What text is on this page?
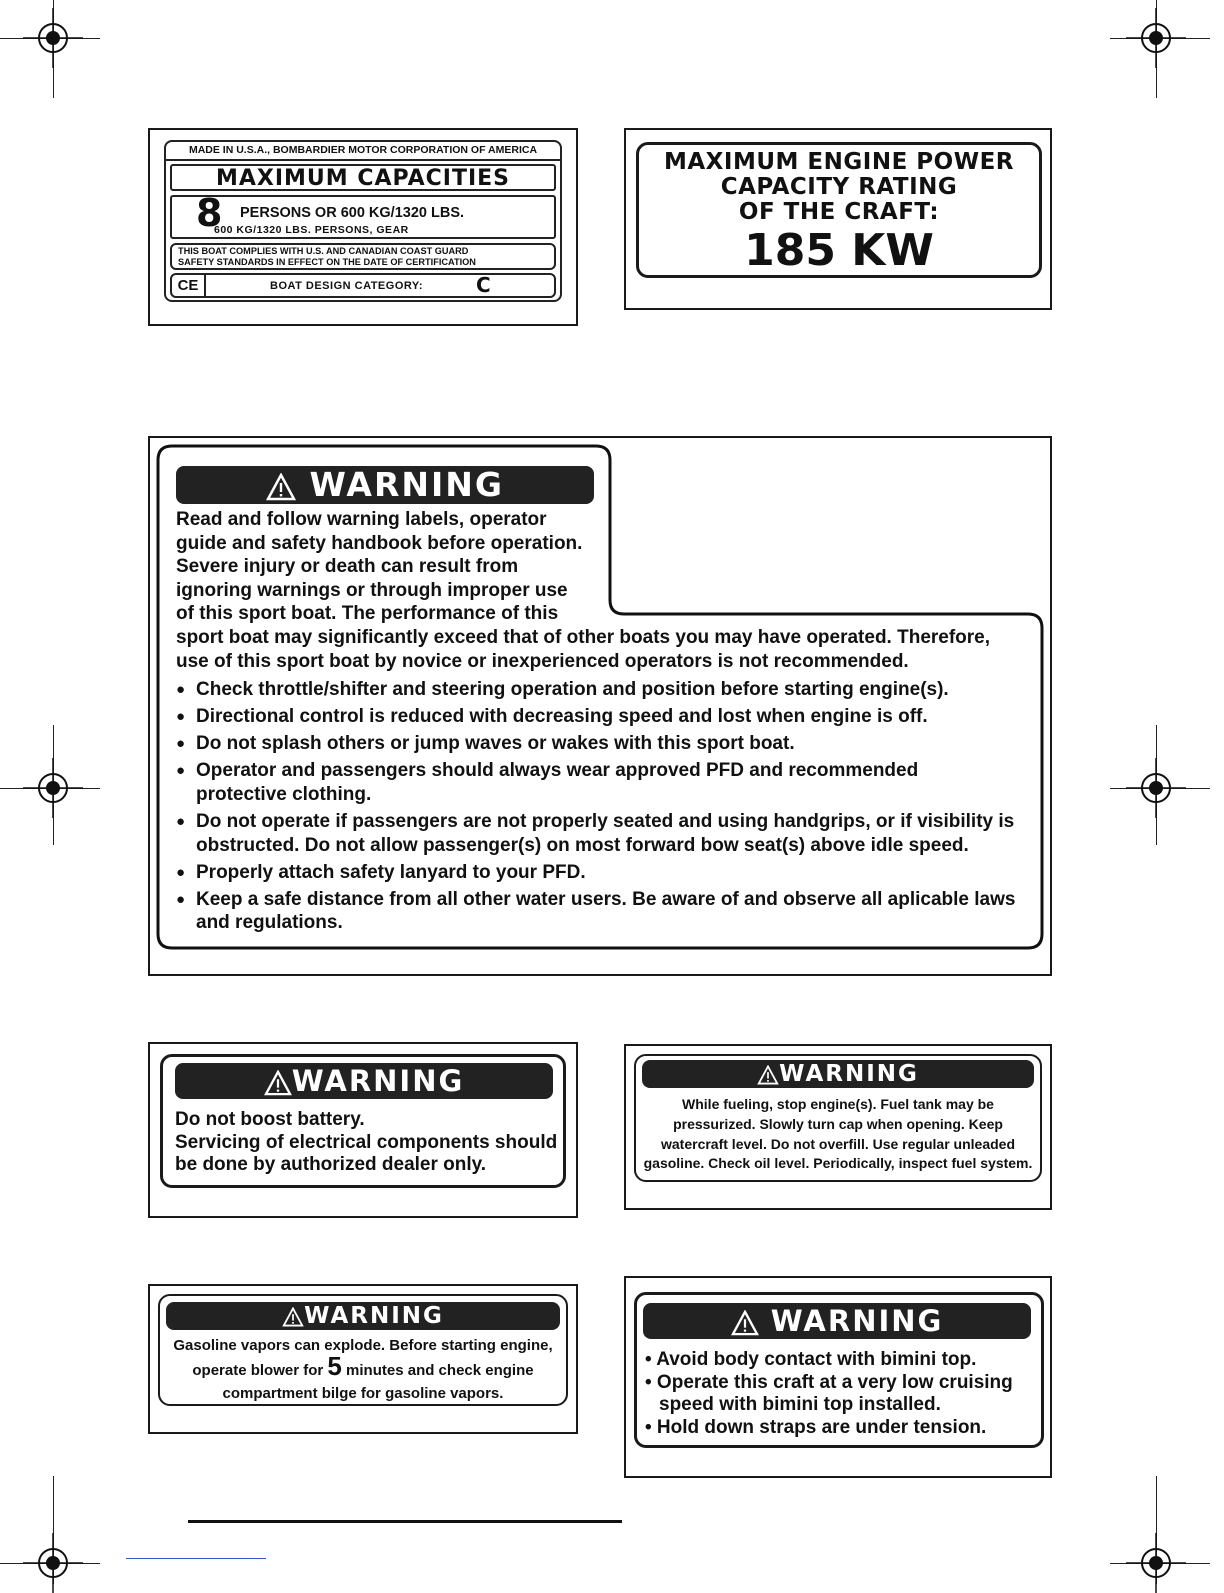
MADE IN U.S.A., BOMBARDIER MOTOR CORPORATION OF AMERICA
MAXIMUM CAPACITIES
8 PERSONS OR 600 KG/1320 LBS.
600 KG/1320 LBS. PERSONS, GEAR
THIS BOAT COMPLIES WITH U.S. AND CANADIAN COAST GUARD
SAFETY STANDARDS IN EFFECT ON THE DATE OF CERTIFICATION
CE	BOAT DESIGN CATEGORY:	C
MAXIMUM ENGINE POWER
CAPACITY RATING
OF THE CRAFT:
185 KW
WARNING
Read and follow warning labels, operator
guide and safety handbook before operation.
Severe injury or death can result from
ignoring warnings or through improper use
of this sport boat. The performance of this
sport boat may significantly exceed that of other boats you may have operated. Therefore,
use of this sport boat by novice or inexperienced operators is not recommended.
● Check throttle/shifter and steering operation and position before starting engine(s).
● Directional control is reduced with decreasing speed and lost when engine is off.
● Do not splash others or jump waves or wakes with this sport boat.
● Operator and passengers should always wear approved PFD and recommended protective clothing.
● Do not operate if passengers are not properly seated and using handgrips, or if visibility is obstructed. Do not allow passenger(s) on most forward bow seat(s) above idle speed.
● Properly attach safety lanyard to your PFD.
● Keep a safe distance from all other water users. Be aware of and observe all aplicable laws and regulations.
WARNING
Do not boost battery.
Servicing of electrical components should
be done by authorized dealer only.
WARNING
While fueling, stop engine(s). Fuel tank may be
pressurized. Slowly turn cap when opening. Keep
watercraft level. Do not overfill. Use regular unleaded
gasoline. Check oil level. Periodically, inspect fuel system.
WARNING
Gasoline vapors can explode. Before starting engine,
operate blower for 5 minutes and check engine
compartment bilge for gasoline vapors.
WARNING
• Avoid body contact with bimini top.
• Operate this craft at a very low cruising
speed with bimini top installed.
• Hold down straps are under tension.
